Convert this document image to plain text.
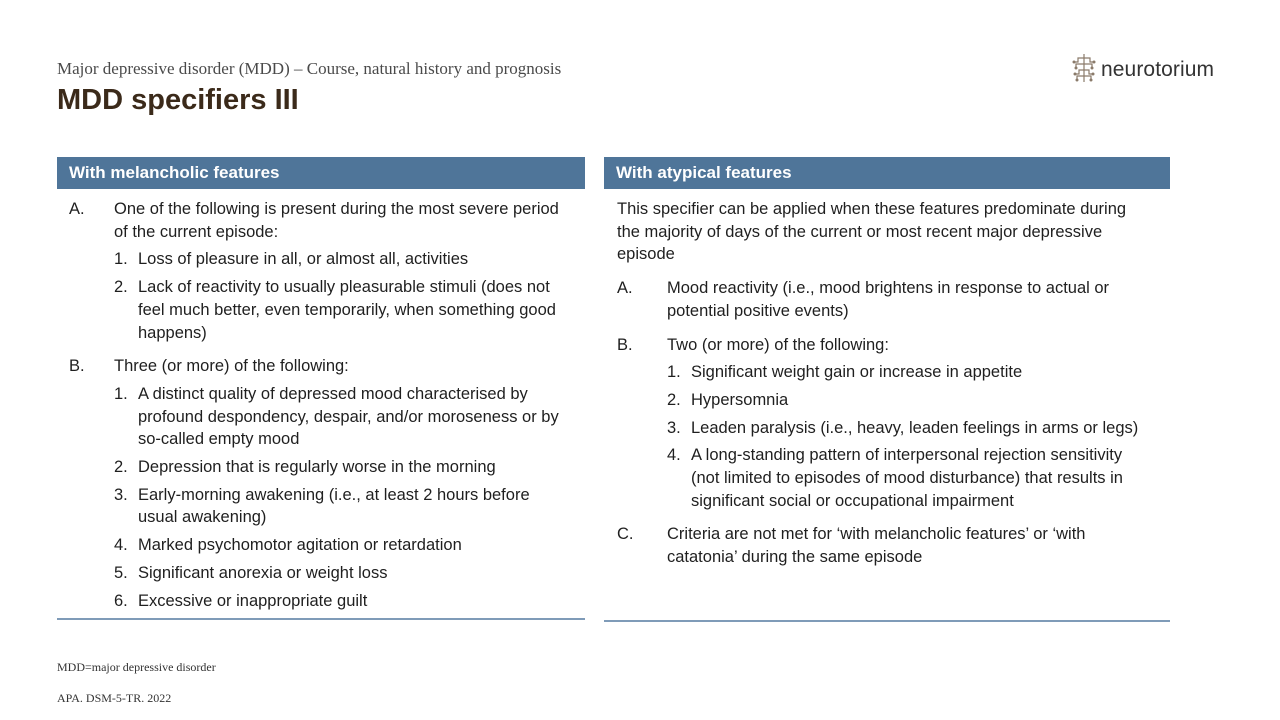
Major depressive disorder (MDD) – Course, natural history and prognosis
MDD specifiers III
neurotorium
With melancholic features
A.	One of the following is present during the most severe period of the current episode:
1. Loss of pleasure in all, or almost all, activities
2. Lack of reactivity to usually pleasurable stimuli (does not feel much better, even temporarily, when something good happens)
B.	Three (or more) of the following:
1. A distinct quality of depressed mood characterised by profound despondency, despair, and/or moroseness or by so-called empty mood
2. Depression that is regularly worse in the morning
3. Early-morning awakening (i.e., at least 2 hours before usual awakening)
4. Marked psychomotor agitation or retardation
5. Significant anorexia or weight loss
6. Excessive or inappropriate guilt
With atypical features
This specifier can be applied when these features predominate during the majority of days of the current or most recent major depressive episode
A.	Mood reactivity (i.e., mood brightens in response to actual or potential positive events)
B.	Two (or more) of the following:
1. Significant weight gain or increase in appetite
2. Hypersomnia
3. Leaden paralysis (i.e., heavy, leaden feelings in arms or legs)
4. A long-standing pattern of interpersonal rejection sensitivity (not limited to episodes of mood disturbance) that results in significant social or occupational impairment
C.	Criteria are not met for ‘with melancholic features’ or ‘with catatonia’ during the same episode
MDD=major depressive disorder
APA. DSM-5-TR. 2022
